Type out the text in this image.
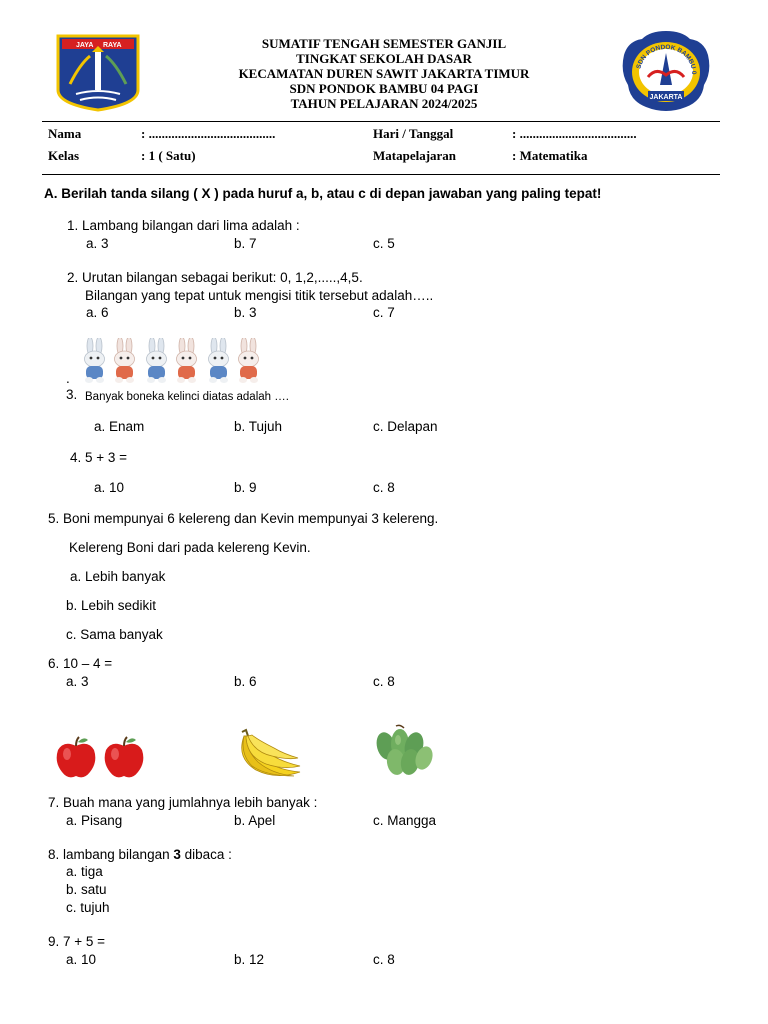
JAYA RAYA
SDN PONDOK BAMBU 0
JAKARTA
SUMATIF TENGAH SEMESTER GANJIL
TINGKAT SEKOLAH DASAR
KECAMATAN DUREN SAWIT JAKARTA TIMUR
SDN PONDOK BAMBU 04 PAGI
TAHUN PELAJARAN 2024/2025
Nama	: .......................................	Hari / Tanggal	: ....................................
Kelas	: 1 ( Satu)	Matapelajaran	: Matematika
A. Berilah tanda silang ( X ) pada huruf a, b, atau c di depan jawaban yang paling tepat!
1. Lambang bilangan dari lima adalah :
a. 3	b. 7	c. 5
2. Urutan bilangan sebagai berikut: 0, 1,2,.....,4,5.
Bilangan yang tepat untuk mengisi titik tersebut adalah…..
a. 6	b. 3	c. 7
.
3. Banyak boneka kelinci diatas adalah ….
a. Enam	b. Tujuh	c. Delapan
4. 5 + 3 =
a. 10	b. 9	c. 8
5. Boni mempunyai 6 kelereng dan Kevin mempunyai 3 kelereng.
Kelereng Boni dari pada kelereng Kevin.
a. Lebih banyak
b. Lebih sedikit
c. Sama banyak
6. 10 – 4 =
a. 3	b. 6	c. 8
7. Buah mana yang jumlahnya lebih banyak :
a. Pisang	b. Apel	c. Mangga
8. lambang bilangan 3 dibaca :
a. tiga
b. satu
c. tujuh
9. 7 + 5 =
a. 10	b. 12	c. 8
